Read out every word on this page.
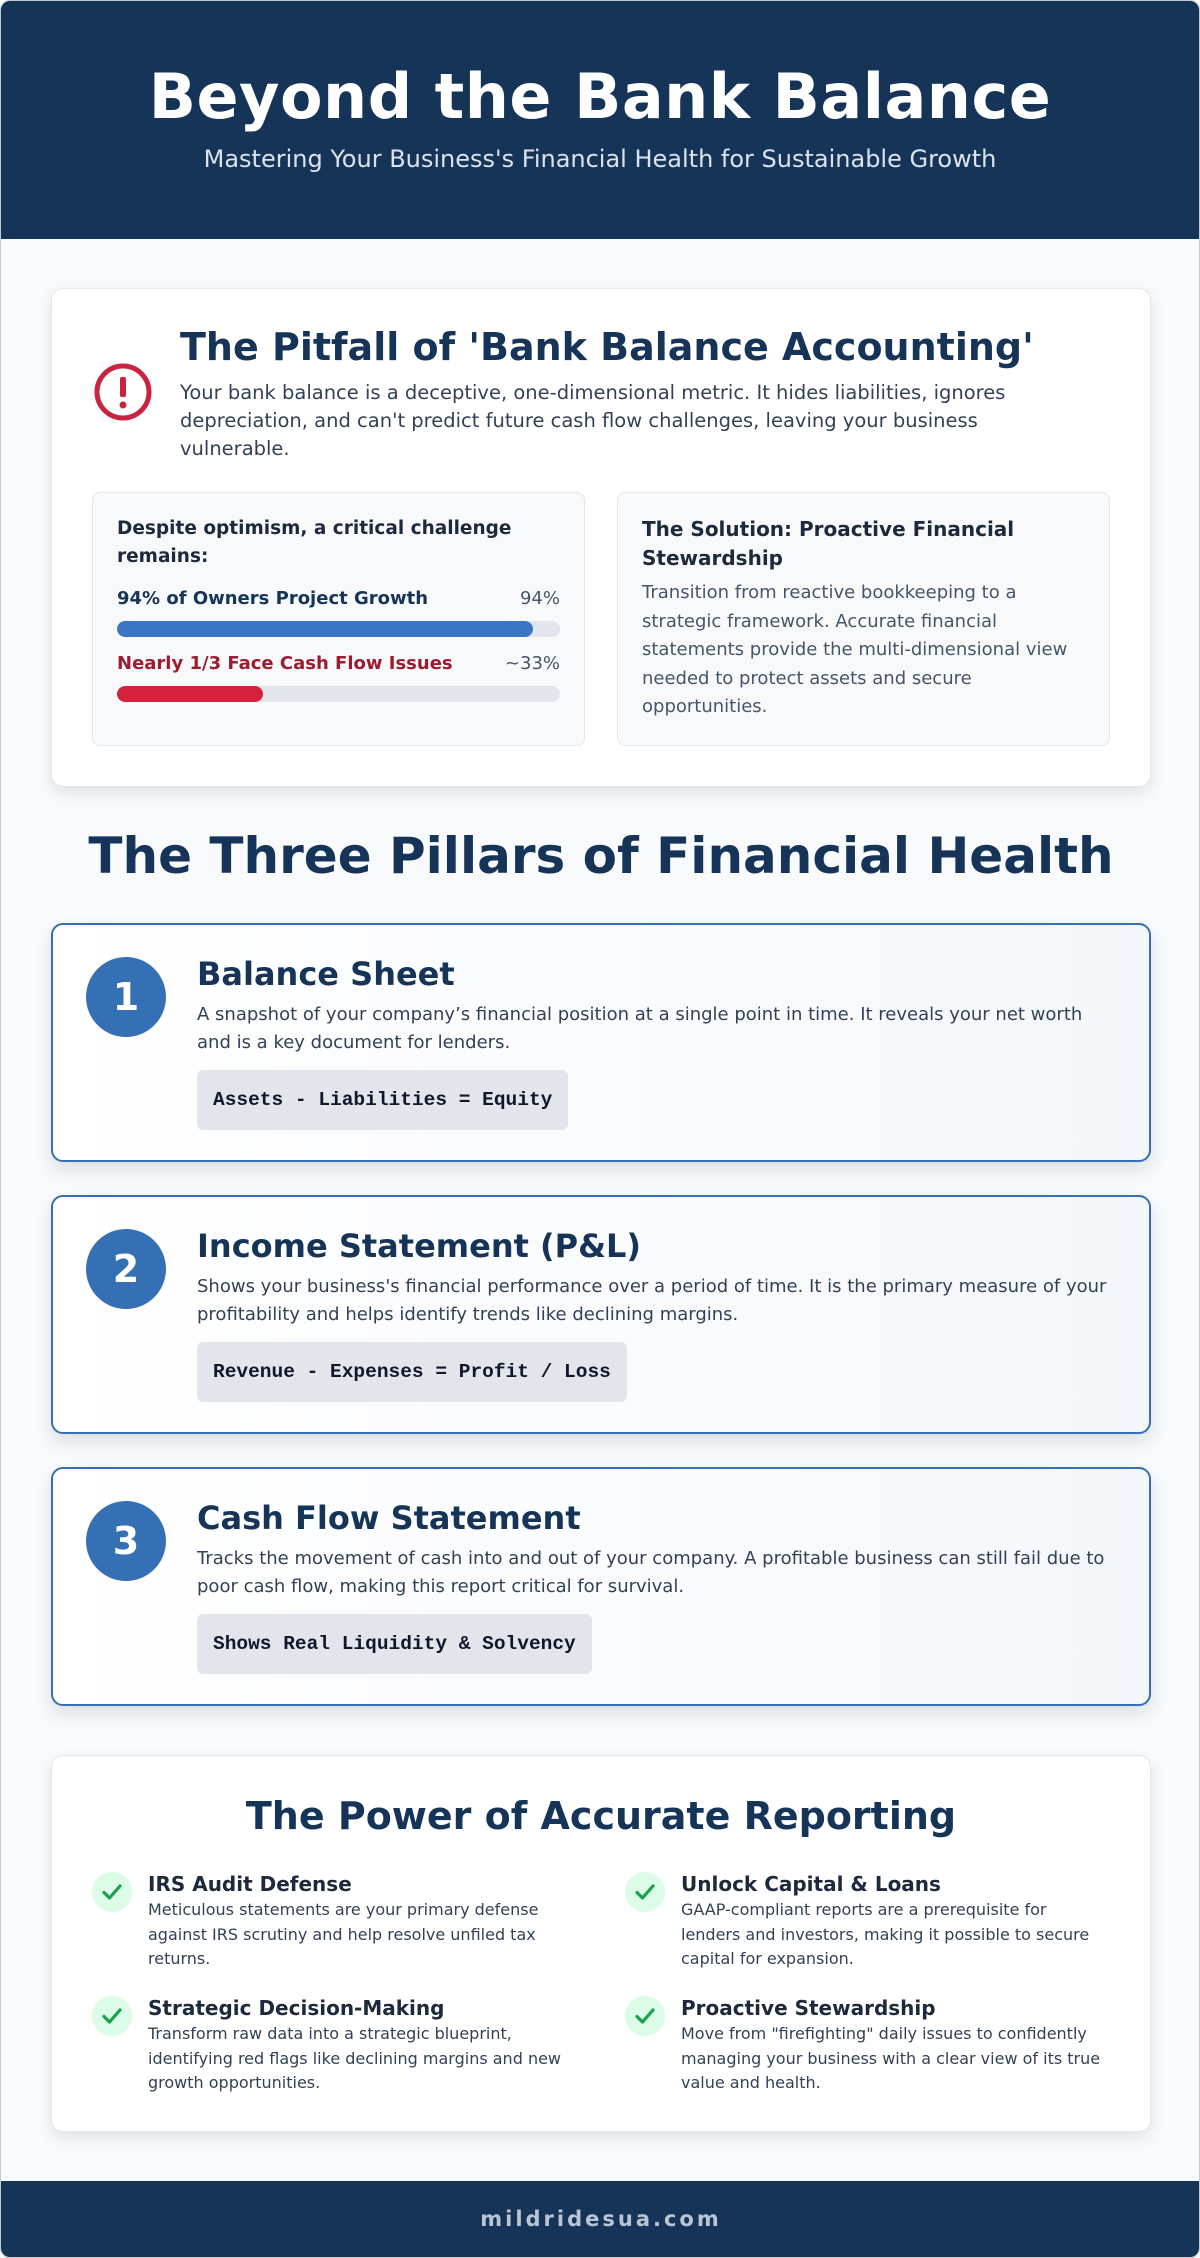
Beyond the Bank Balance

Mastering Your Business's Financial Health for Sustainable Growth

The Pitfall of 'Bank Balance Accounting'

Your bank balance is a deceptive, one-dimensional metric. It hides liabilities, ignores depreciation, and can't predict future cash flow challenges, leaving your business vulnerable.

Despite optimism, a critical challenge remains:
94% of Owners Project Growth	94%
Nearly 1/3 Face Cash Flow Issues	~33%
The Solution: Proactive Financial Stewardship

Transition from reactive bookkeeping to a strategic framework. Accurate financial statements provide the multi-dimensional view needed to protect assets and secure opportunities.

The Three Pillars of Financial Health
1
Balance Sheet

A snapshot of your company’s financial position at a single point in time. It reveals your net worth and is a key document for lenders.

Assets - Liabilities = Equity
2
Income Statement (P&L)

Shows your business's financial performance over a period of time. It is the primary measure of your profitability and helps identify trends like declining margins.

Revenue - Expenses = Profit / Loss
3
Cash Flow Statement

Tracks the movement of cash into and out of your company. A profitable business can still fail due to poor cash flow, making this report critical for survival.

Shows Real Liquidity & Solvency
The Power of Accurate Reporting
IRS Audit Defense

Meticulous statements are your primary defense against IRS scrutiny and help resolve unfiled tax returns.

Unlock Capital & Loans

GAAP-compliant reports are a prerequisite for lenders and investors, making it possible to secure capital for expansion.

Strategic Decision-Making

Transform raw data into a strategic blueprint, identifying red flags like declining margins and new growth opportunities.

Proactive Stewardship

Move from "firefighting" daily issues to confidently managing your business with a clear view of its true value and health.

mildridesua.com
